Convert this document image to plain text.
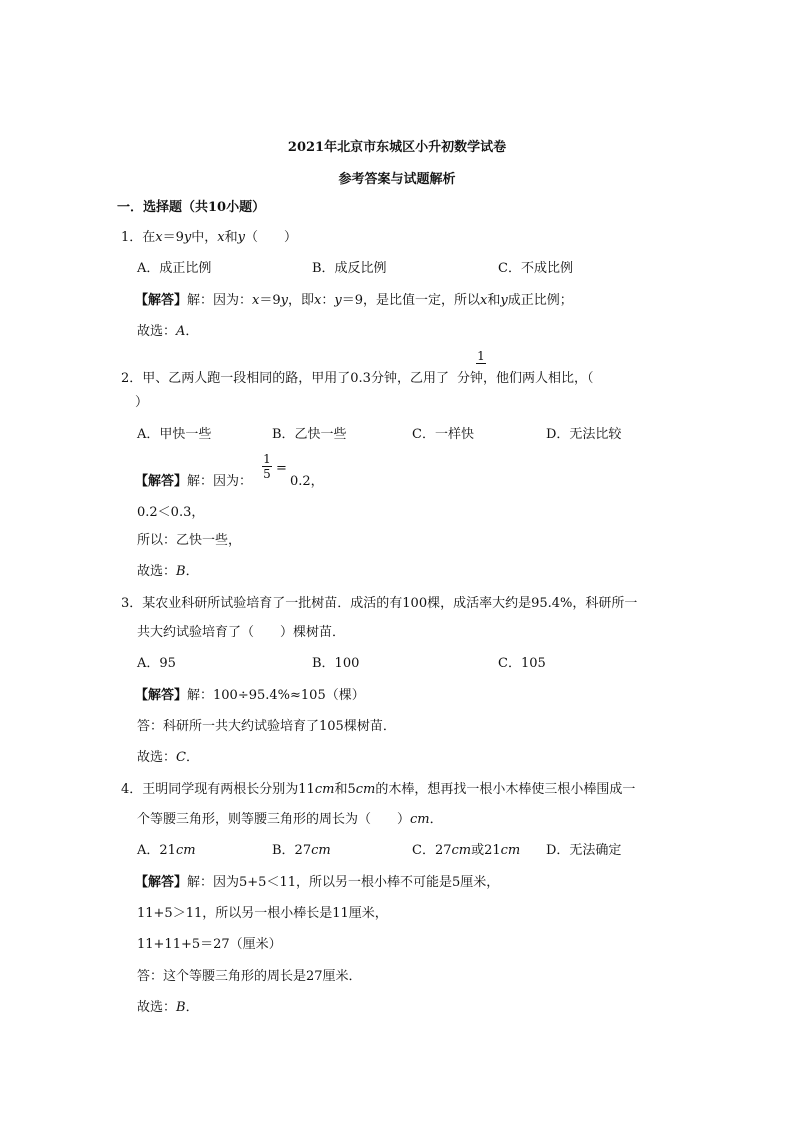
2021年北京市东城区小升初数学试卷
参考答案与试题解析
一．选择题（共10小题）
1．在x＝9y中，x和y（　　）
A．成正比例	B．成反比例	C．不成比例
【解答】解：因为：x＝9y，即x：y＝9，是比值一定，所以x和y成正比例；
故选：A．
2．甲、乙两人跑一段相同的路，甲用了0.3分钟，乙用了 分钟，他们两人相比，（
1
）
A．甲快一些	B．乙快一些	C．一样快	D．无法比较
【解答】解：因为：
1
5 =
0.2，
0.2＜0.3，
所以：乙快一些，
故选：B．
3．某农业科研所试验培育了一批树苗．成活的有100棵，成活率大约是95.4%，科研所一
共大约试验培育了（　　）棵树苗．
A．95	B．100	C．105
【解答】解：100÷95.4%≈105（棵）
答：科研所一共大约试验培育了105棵树苗．
故选：C．
4．王明同学现有两根长分别为11cm和5cm的木棒，想再找一根小木棒使三根小棒围成一
个等腰三角形，则等腰三角形的周长为（　　）cm．
A．21cm	B．27cm	C．27cm或21cm D．无法确定
【解答】解：因为5+5＜11，所以另一根小棒不可能是5厘米，
11+5＞11，所以另一根小棒长是11厘米，
11+11+5＝27（厘米）
答：这个等腰三角形的周长是27厘米．
故选：B．
